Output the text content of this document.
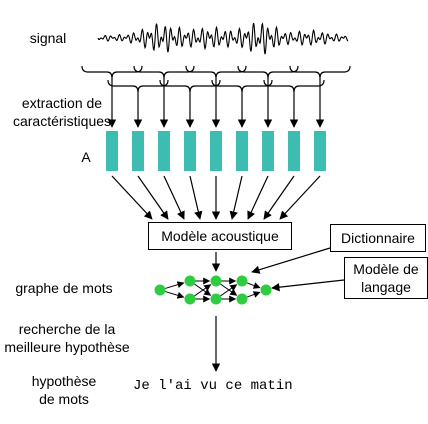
signal
extraction de
caractéristiques
A
Modèle acoustique	Dictionnaire
Modèle de
langage
graphe de mots
recherche de la
meilleure hypothèse
hypothèse
de mots
Je l'ai vu ce matin
